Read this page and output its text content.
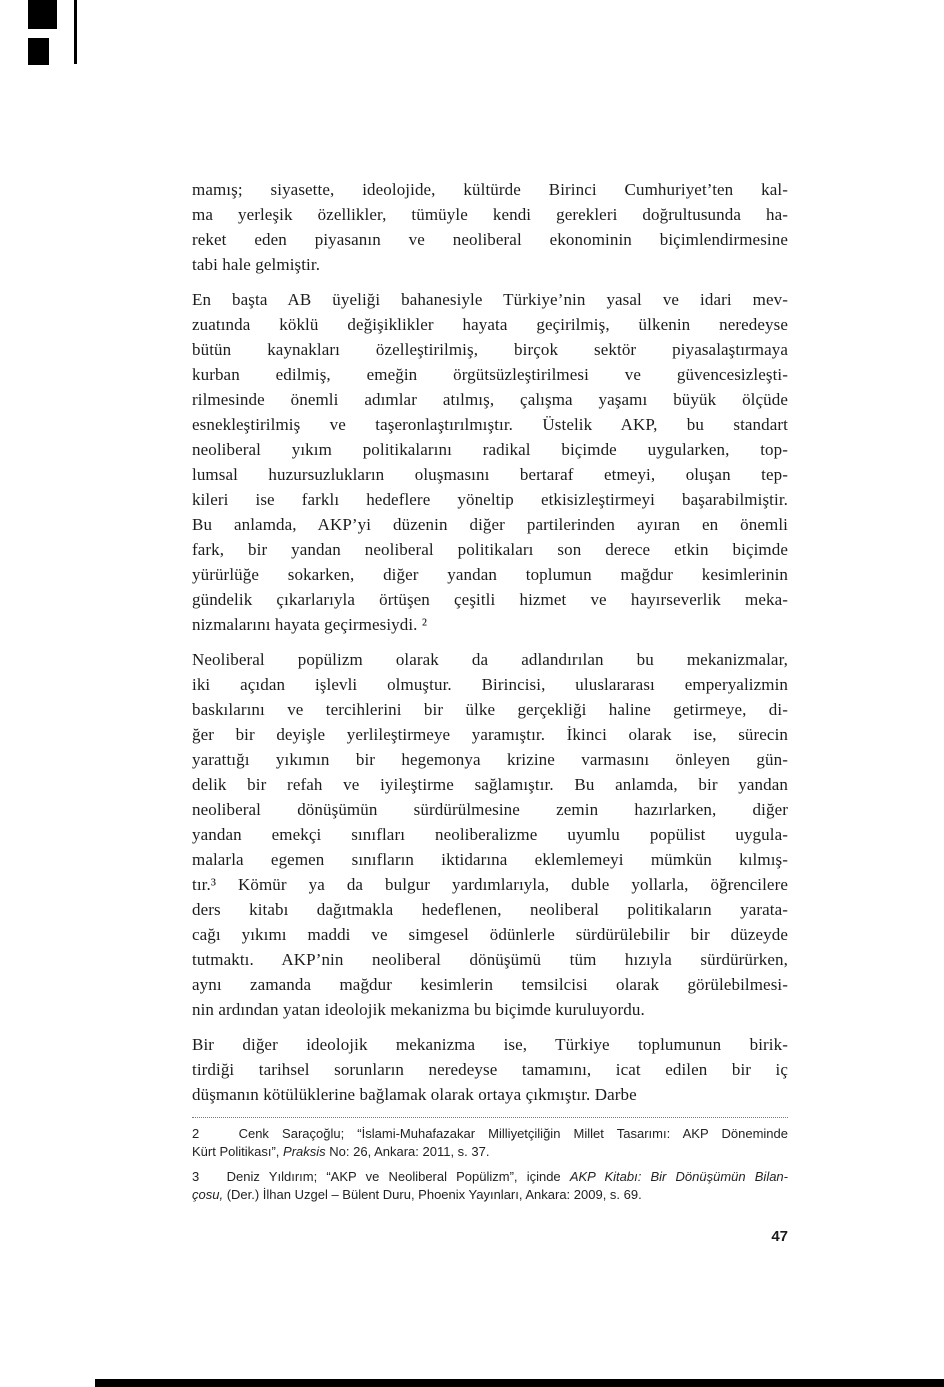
mamış; siyasette, ideolojide, kültürde Birinci Cumhuriyet’ten kal-
ma yerleşik özellikler, tümüyle kendi gerekleri doğrultusunda ha-
reket eden piyasanın ve neoliberal ekonominin biçimlendirmesine
tabi hale gelmiştir.
En başta AB üyeliği bahanesiyle Türkiye’nin yasal ve idari mev-
zuatında köklü değişiklikler hayata geçirilmiş, ülkenin neredeyse
bütün kaynakları özelleştirilmiş, birçok sektör piyasalaştırmaya
kurban edilmiş, emeğin örgütsüzleştirilmesi ve güvencesizleşti-
rilmesinde önemli adımlar atılmış, çalışma yaşamı büyük ölçüde
esnekleştirilmiş ve taşeronlaştırılmıştır. Üstelik AKP, bu standart
neoliberal yıkım politikalarını radikal biçimde uygularken, top-
lumsal huzursuzlukların oluşmasını bertaraf etmeyi, oluşan tep-
kileri ise farklı hedeflere yöneltip etkisizleştirmeyi başarabilmiştir.
Bu anlamda, AKP’yi düzenin diğer partilerinden ayıran en önemli
fark, bir yandan neoliberal politikaları son derece etkin biçimde
yürürlüğe sokarken, diğer yandan toplumun mağdur kesimlerinin
gündelik çıkarlarıyla örtüşen çeşitli hizmet ve hayırseverlik meka-
nizmalarını hayata geçirmesiydi. ²
Neoliberal popülizm olarak da adlandırılan bu mekanizmalar,
iki açıdan işlevli olmuştur. Birincisi, uluslararası emperyalizmin
baskılarını ve tercihlerini bir ülke gerçekliği haline getirmeye, di-
ğer bir deyişle yerlileştirmeye yaramıştır. İkinci olarak ise, sürecin
yarattığı yıkımın bir hegemonya krizine varmasını önleyen gün-
delik bir refah ve iyileştirme sağlamıştır. Bu anlamda, bir yandan
neoliberal dönüşümün sürdürülmesine zemin hazırlarken, diğer
yandan emekçi sınıfları neoliberalizme uyumlu popülist uygula-
malarla egemen sınıfların iktidarına eklemlemeyi mümkün kılmış-
tır.³ Kömür ya da bulgur yardımlarıyla, duble yollarla, öğrencilere
ders kitabı dağıtmakla hedeflenen, neoliberal politikaların yarata-
cağı yıkımı maddi ve simgesel ödünlerle sürdürülebilir bir düzeyde
tutmaktı. AKP’nin neoliberal dönüşümü tüm hızıyla sürdürürken,
aynı zamanda mağdur kesimlerin temsilcisi olarak görülebilmesi-
nin ardından yatan ideolojik mekanizma bu biçimde kuruluyordu.
Bir diğer ideolojik mekanizma ise, Türkiye toplumunun birik-
tirdiği tarihsel sorunların neredeyse tamamını, icat edilen bir iç
düşmanın kötülüklerine bağlamak olarak ortaya çıkmıştır. Darbe
2   Cenk Saraçoğlu; “İslami-Muhafazakar Milliyetçiliğin Millet Tasarımı: AKP Döneminde
Kürt Politikası”, Praksis No: 26, Ankara: 2011, s. 37.
3   Deniz Yıldırım; “AKP ve Neoliberal Popülizm”, içinde AKP Kitabı: Bir Dönüşümün Bilan-
çosu, (Der.) İlhan Uzgel – Bülent Duru, Phoenix Yayınları, Ankara: 2009, s. 69.
47
